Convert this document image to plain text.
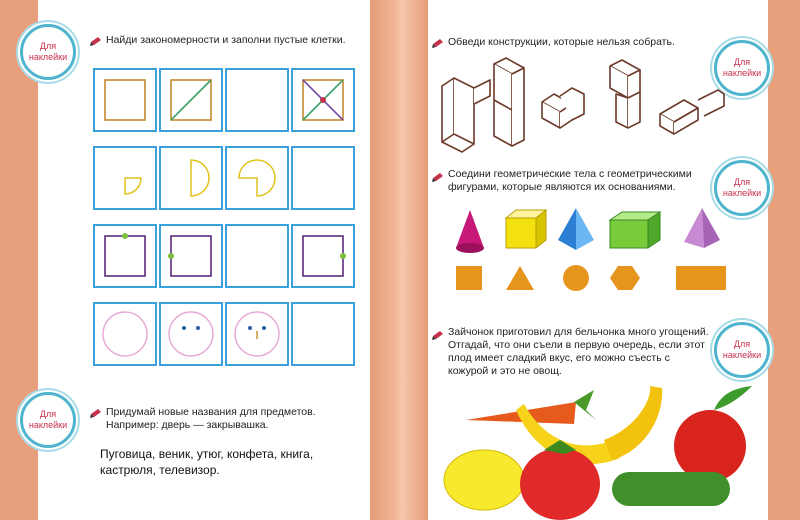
Для наклейки
Найди закономерности и заполни пустые клетки.
Для наклейки
Придумай новые названия для предметов. Например: дверь — закрывашка.
Пуговица, веник, утюг, конфета, книга, кастрюля, телевизор.
Обведи конструкции, которые нельзя собрать.
Для наклейки
Соедини геометрические тела с геометрическими фигурами, которые являются их основаниями.	Для наклейки
Зайчонок приготовил для бельчонка много угощений. Отгадай, что они съели в первую очередь, если этот плод имеет сладкий вкус, его можно съесть с кожурой и это не овощ.
Для наклейки
